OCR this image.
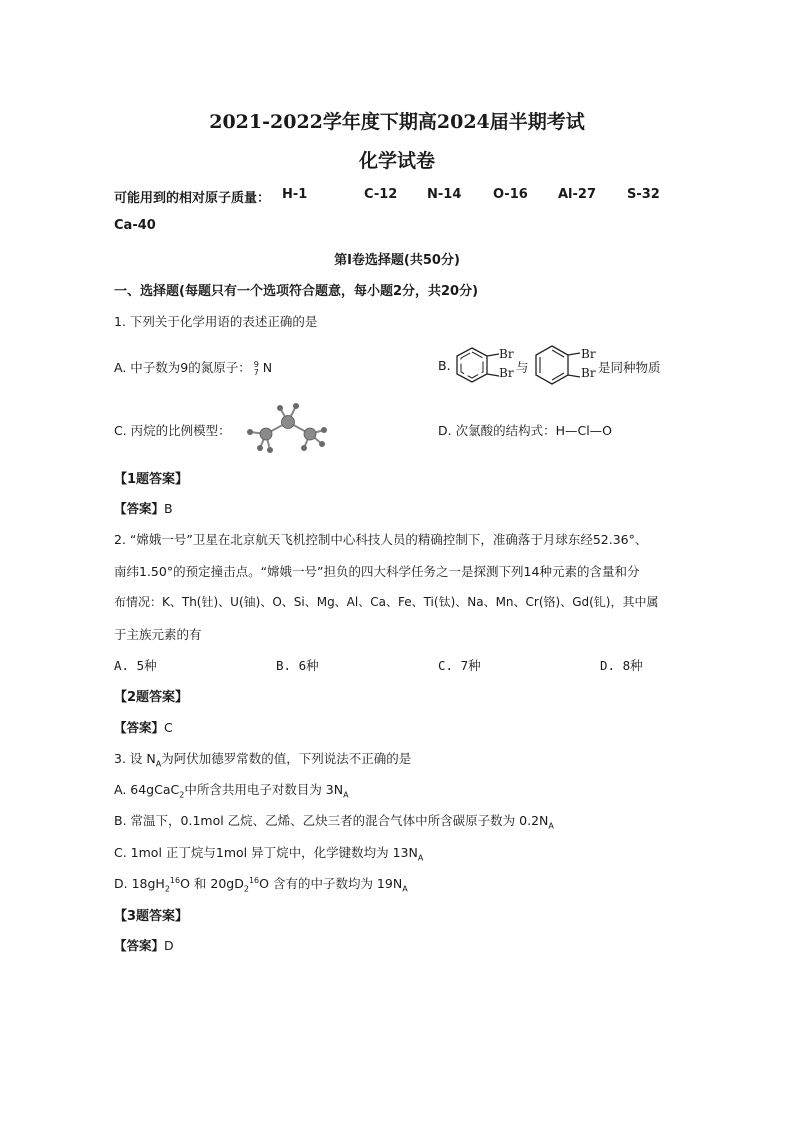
2021-2022学年度下期高2024届半期考试
化学试卷
可能用到的相对原子质量： H-1	C-12 N-14 O-16 Al-27 S-32
Ca-40
第Ⅰ卷选择题(共50分)
一、选择题(每题只有一个选项符合题意，每小题2分，共20分)
1. 下列关于化学用语的表述正确的是
A. 中子数为9的氮原子： 9
7 N	B.
Br
Br 与
Br
Br 是同种物质
C. 丙烷的比例模型：	D. 次氯酸的结构式：H—Cl—O
【1题答案】
【答案】B
2. “嫦娥一号”卫星在北京航天飞机控制中心科技人员的精确控制下，准确落于月球东经52.36°、
南纬1.50°的预定撞击点。“嫦娥一号”担负的四大科学任务之一是探测下列14种元素的含量和分
布情况：K、Th(钍)、U(铀)、O、Si、Mg、Al、Ca、Fe、Ti(钛)、Na、Mn、Cr(铬)、Gd(钆)，其中属
于主族元素的有
A. 5种	B. 6种	C. 7种	D. 8种
【2题答案】
【答案】C
3. 设 $N_A$为阿伏加德罗常数的值，下列说法不正确的是
A. 64gCaC$_2$中所含共用电子对数目为 $3N_A$
B. 常温下，0.1mol 乙烷、乙烯、乙炔三者的混合气体中所含碳原子数为 $0.2N_A$
C. 1mol 正丁烷与1mol 异丁烷中，化学键数均为 $13N_A$
D. $18gH_2^{16}O$ 和 $20gD_2^{16}O$ 含有的中子数均为 $19N_A$
【3题答案】
【答案】D
